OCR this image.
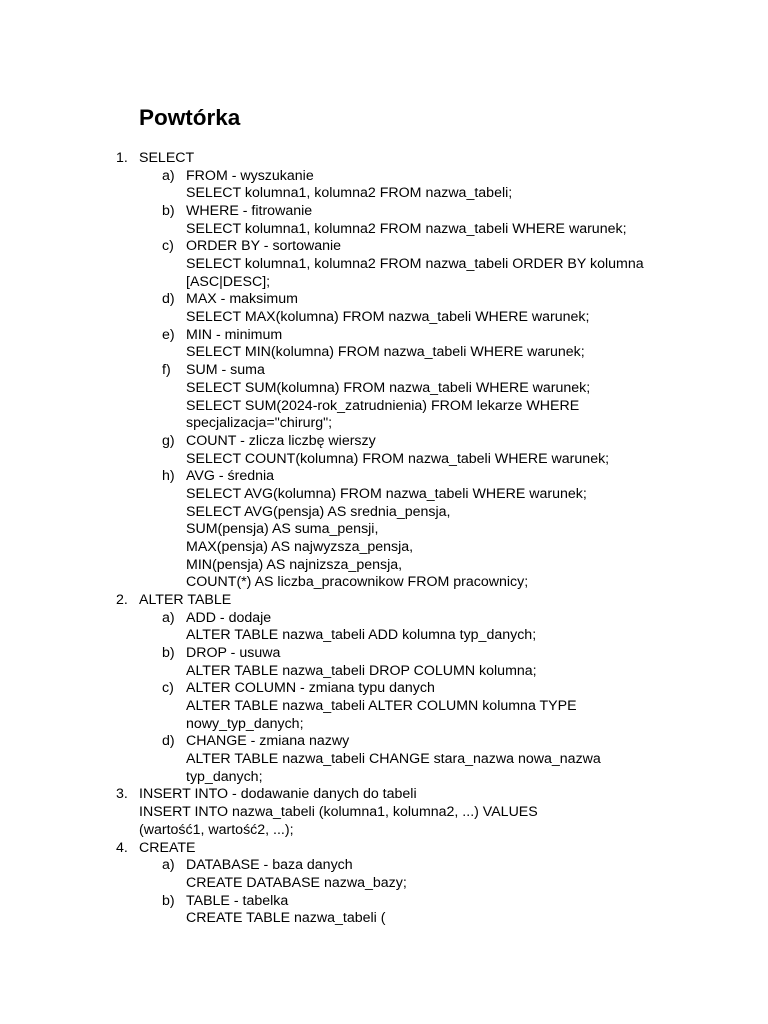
Powtórka
1. SELECT
a) FROM - wyszukanie
SELECT kolumna1, kolumna2 FROM nazwa_tabeli;
b) WHERE - fitrowanie
SELECT kolumna1, kolumna2 FROM nazwa_tabeli WHERE warunek;
c) ORDER BY - sortowanie
SELECT kolumna1, kolumna2 FROM nazwa_tabeli ORDER BY kolumna
[ASC|DESC];
d) MAX - maksimum
SELECT MAX(kolumna) FROM nazwa_tabeli WHERE warunek;
e) MIN - minimum
SELECT MIN(kolumna) FROM nazwa_tabeli WHERE warunek;
f) SUM - suma
SELECT SUM(kolumna) FROM nazwa_tabeli WHERE warunek;
SELECT SUM(2024-rok_zatrudnienia) FROM lekarze WHERE
specjalizacja="chirurg";
g) COUNT - zlicza liczbę wierszy
SELECT COUNT(kolumna) FROM nazwa_tabeli WHERE warunek;
h) AVG - średnia
SELECT AVG(kolumna) FROM nazwa_tabeli WHERE warunek;
SELECT AVG(pensja) AS srednia_pensja,
SUM(pensja) AS suma_pensji,
MAX(pensja) AS najwyzsza_pensja,
MIN(pensja) AS najnizsza_pensja,
COUNT(*) AS liczba_pracownikow FROM pracownicy;
2. ALTER TABLE
a) ADD - dodaje
ALTER TABLE nazwa_tabeli ADD kolumna typ_danych;
b) DROP - usuwa
ALTER TABLE nazwa_tabeli DROP COLUMN kolumna;
c) ALTER COLUMN - zmiana typu danych
ALTER TABLE nazwa_tabeli ALTER COLUMN kolumna TYPE
nowy_typ_danych;
d) CHANGE - zmiana nazwy
ALTER TABLE nazwa_tabeli CHANGE stara_nazwa nowa_nazwa
typ_danych;
3. INSERT INTO - dodawanie danych do tabeli
INSERT INTO nazwa_tabeli (kolumna1, kolumna2, ...) VALUES
(wartość1, wartość2, ...);
4. CREATE
a) DATABASE - baza danych
CREATE DATABASE nazwa_bazy;
b) TABLE - tabelka
CREATE TABLE nazwa_tabeli (
